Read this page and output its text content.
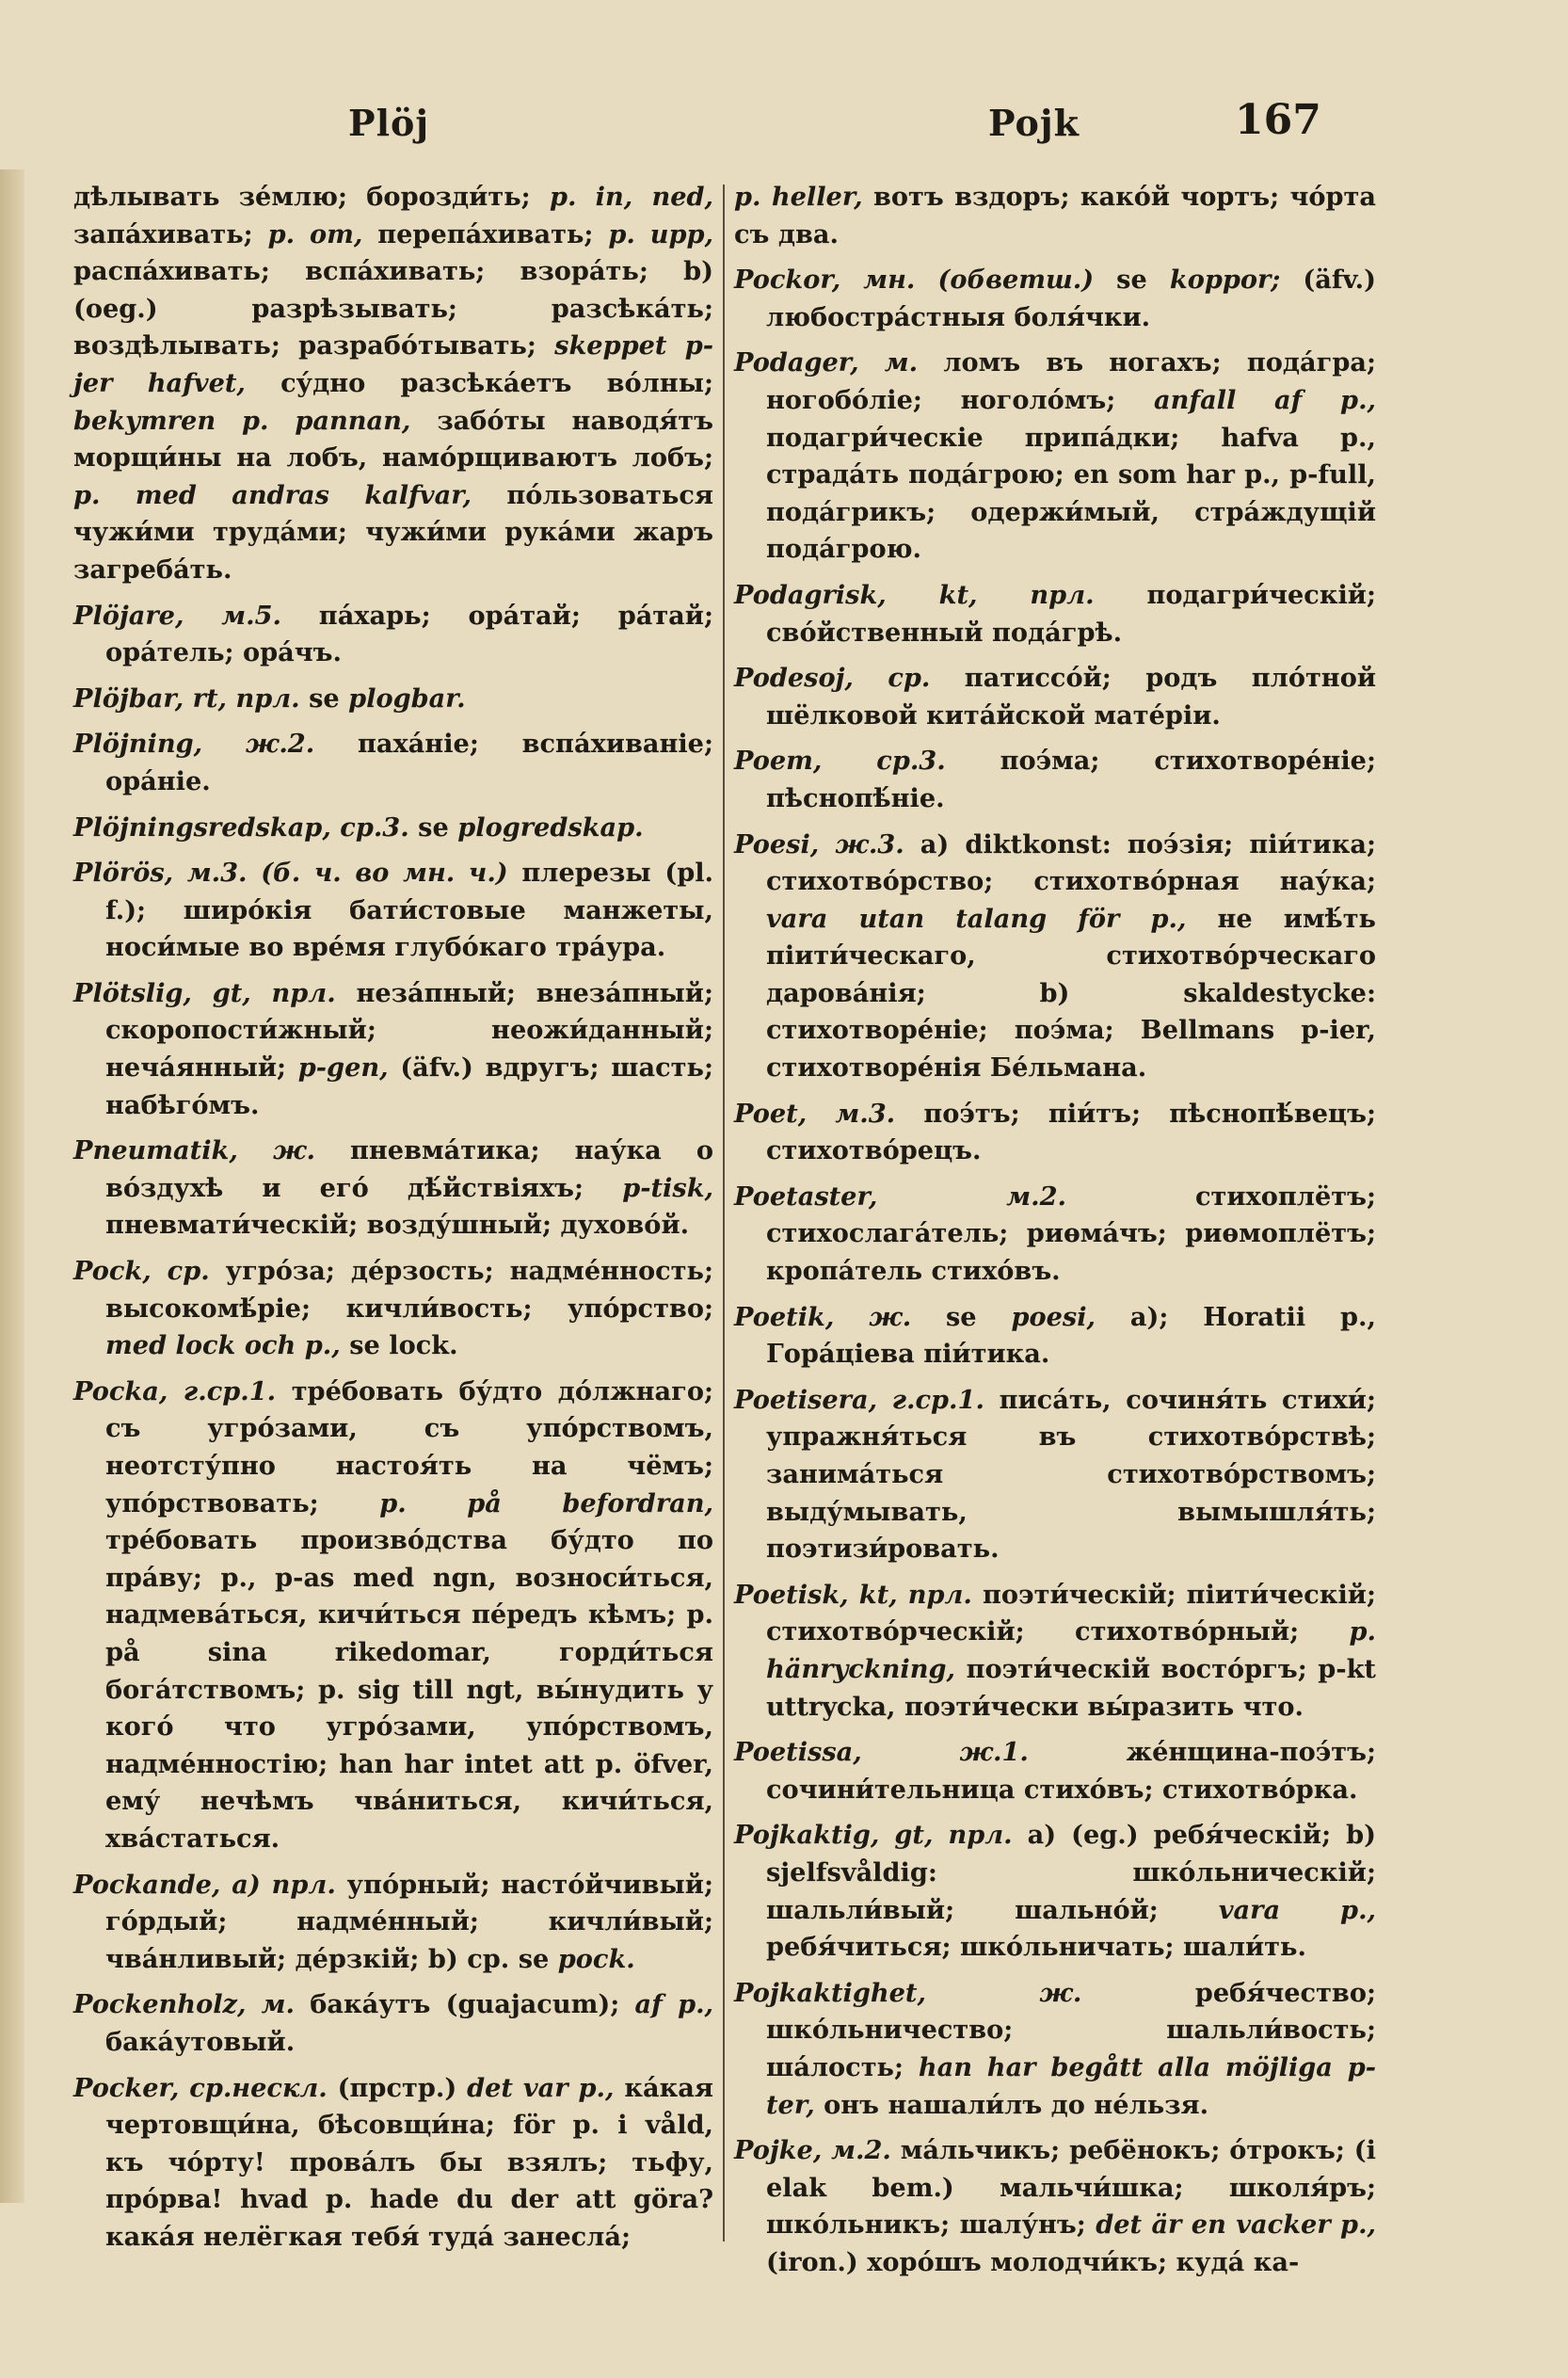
Plöj	Pojk	167

дѣлывать зе́млю; борозди́ть; p. in, ned, запа́хивать; p. om, перепа́хивать; p. upp, распа́хивать; вспа́хивать; взора́ть; b) (oeg.) разрѣзывать; разсѣка́ть; воздѣлывать; разрабо́тывать; skeppet p-jer hafvet, су́дно разсѣка́етъ во́лны; bekymren p. pannan, забо́ты наводя́тъ морщи́ны на лобъ, намо́рщиваютъ лобъ; p. med andras kalfvar, по́льзоваться чужи́ми труда́ми; чужи́ми рука́ми жаръ загреба́ть.

Plöjare, м.5. па́харь; ора́тай; ра́тай; ора́тель; ора́чъ.

Plöjbar, rt, прл. se plogbar.

Plöjning, ж.2. паха́ніе; вспа́хиваніе; ора́ніе.

Plöjningsredskap, ср.3. se plogredskap.

Plörös, м.3. (б. ч. во мн. ч.) плерезы (pl. f.); широ́кія бати́стовые манжеты, носи́мые во вре́мя глубо́каго тра́ура.

Plötslig, gt, прл. неза́пный; внеза́пный; скоропости́жный; неожи́данный; неча́янный; p-gen, (äfv.) вдругъ; шасть; набѣго́мъ.

Pneumatik, ж. пневма́тика; нау́ка о во́здухѣ и его́ дѣ́йствіяхъ; p-tisk, пневмати́ческій; возду́шный; духово́й.

Pock, ср. угро́за; де́рзость; надме́нность; высокомѣ́ріе; кичли́вость; упо́рство; med lock och p., se lock.

Pocka, г.ср.1. тре́бовать бу́дто до́лжнаго; съ угро́зами, съ упо́рствомъ, неотсту́пно настоя́ть на чёмъ; упо́рствовать; p. på befordran, тре́бовать произво́дства бу́дто по пра́ву; p., p-as med ngn, возноси́ться, надмева́ться, кичи́ться пе́редъ кѣмъ; p. på sina rikedomar, горди́ться бога́тствомъ; p. sig till ngt, вы́нудить у кого́ что угро́зами, упо́рствомъ, надме́нностію; han har intet att p. öfver, ему́ нечѣмъ чва́ниться, кичи́ться, хва́статься.

Pockande, a) прл. упо́рный; насто́йчивый; го́рдый; надме́нный; кичли́вый; чва́нливый; де́рзкій; b) ср. se pock.

Pockenholz, м. бака́утъ (guajacum); af p., бака́утовый.

Pocker, ср.нескл. (прстр.) det var p., ка́кая чертовщи́на, бѣсовщи́на; för p. i våld, къ чо́рту! прова́лъ бы взялъ; тьфу, про́рва! hvad p. hade du der att göra? кака́я нелёгкая тебя́ туда́ занесла́;

p. heller, вотъ вздоръ; како́й чортъ; чо́рта съ два.

Pockor, мн. (обветш.) se koppor; (äfv.) любостра́стныя боля́чки.

Podager, м. ломъ въ ногахъ; пода́гра; ногобо́ліе; ноголо́мъ; anfall af p., подагри́ческіе припа́дки; hafva p., страда́ть пода́грою; en som har p., p-full, пода́грикъ; одержи́мый, стра́ждущій пода́грою.

Podagrisk, kt, прл. подагри́ческій; сво́йственный пода́грѣ.

Podesoj, ср. патиссо́й; родъ пло́тной шёлковой кита́йской мате́ріи.

Poem, ср.3. поэ́ма; стихотворе́ніе; пѣснопѣ́ніе.

Poesi, ж.3. a) diktkonst: поэ́зія; піи́тика; стихотво́рство; стихотво́рная нау́ка; vara utan talang för p., не имѣ́ть піити́ческаго, стихотво́рческаго дарова́нія; b) skaldestycke: стихотворе́ніе; поэ́ма; Bellmans p-ier, стихотворе́нія Бе́льмана.

Poet, м.3. поэ́тъ; піи́тъ; пѣснопѣ́вецъ; стихотво́рецъ.

Poetaster, м.2. стихоплётъ; стихослага́тель; риѳма́чъ; риѳмоплётъ; кропа́тель стихо́въ.

Poetik, ж. se poesi, a); Horatii p., Гора́ціева піи́тика.

Poetisera, г.ср.1. писа́ть, сочиня́ть стихи́; упражня́ться въ стихотво́рствѣ; занима́ться стихотво́рствомъ; выду́мывать, вымышля́ть; поэтизи́ровать.

Poetisk, kt, прл. поэти́ческій; піити́ческій; стихотво́рческій; стихотво́рный; p. hänryckning, поэти́ческій восто́ргъ; p-kt uttrycka, поэти́чески вы́разить что.

Poetissa, ж.1. же́нщина-поэ́тъ; сочини́тельница стихо́въ; стихотво́рка.

Pojkaktig, gt, прл. a) (eg.) ребя́ческій; b) sjelfsvåldig: шко́льническій; шальли́вый; шально́й; vara p., ребя́читься; шко́льничать; шали́ть.

Pojkaktighet, ж. ребя́чество; шко́льничество; шальли́вость; ша́лость; han har begått alla möjliga p-ter, онъ нашали́лъ до не́льзя.

Pojke, м.2. ма́льчикъ; ребёнокъ; о́трокъ; (i elak bem.) мальчи́шка; школя́ръ; шко́льникъ; шалу́нъ; det är en vacker p., (iron.) хоро́шъ молодчи́къ; куда́ ка-
